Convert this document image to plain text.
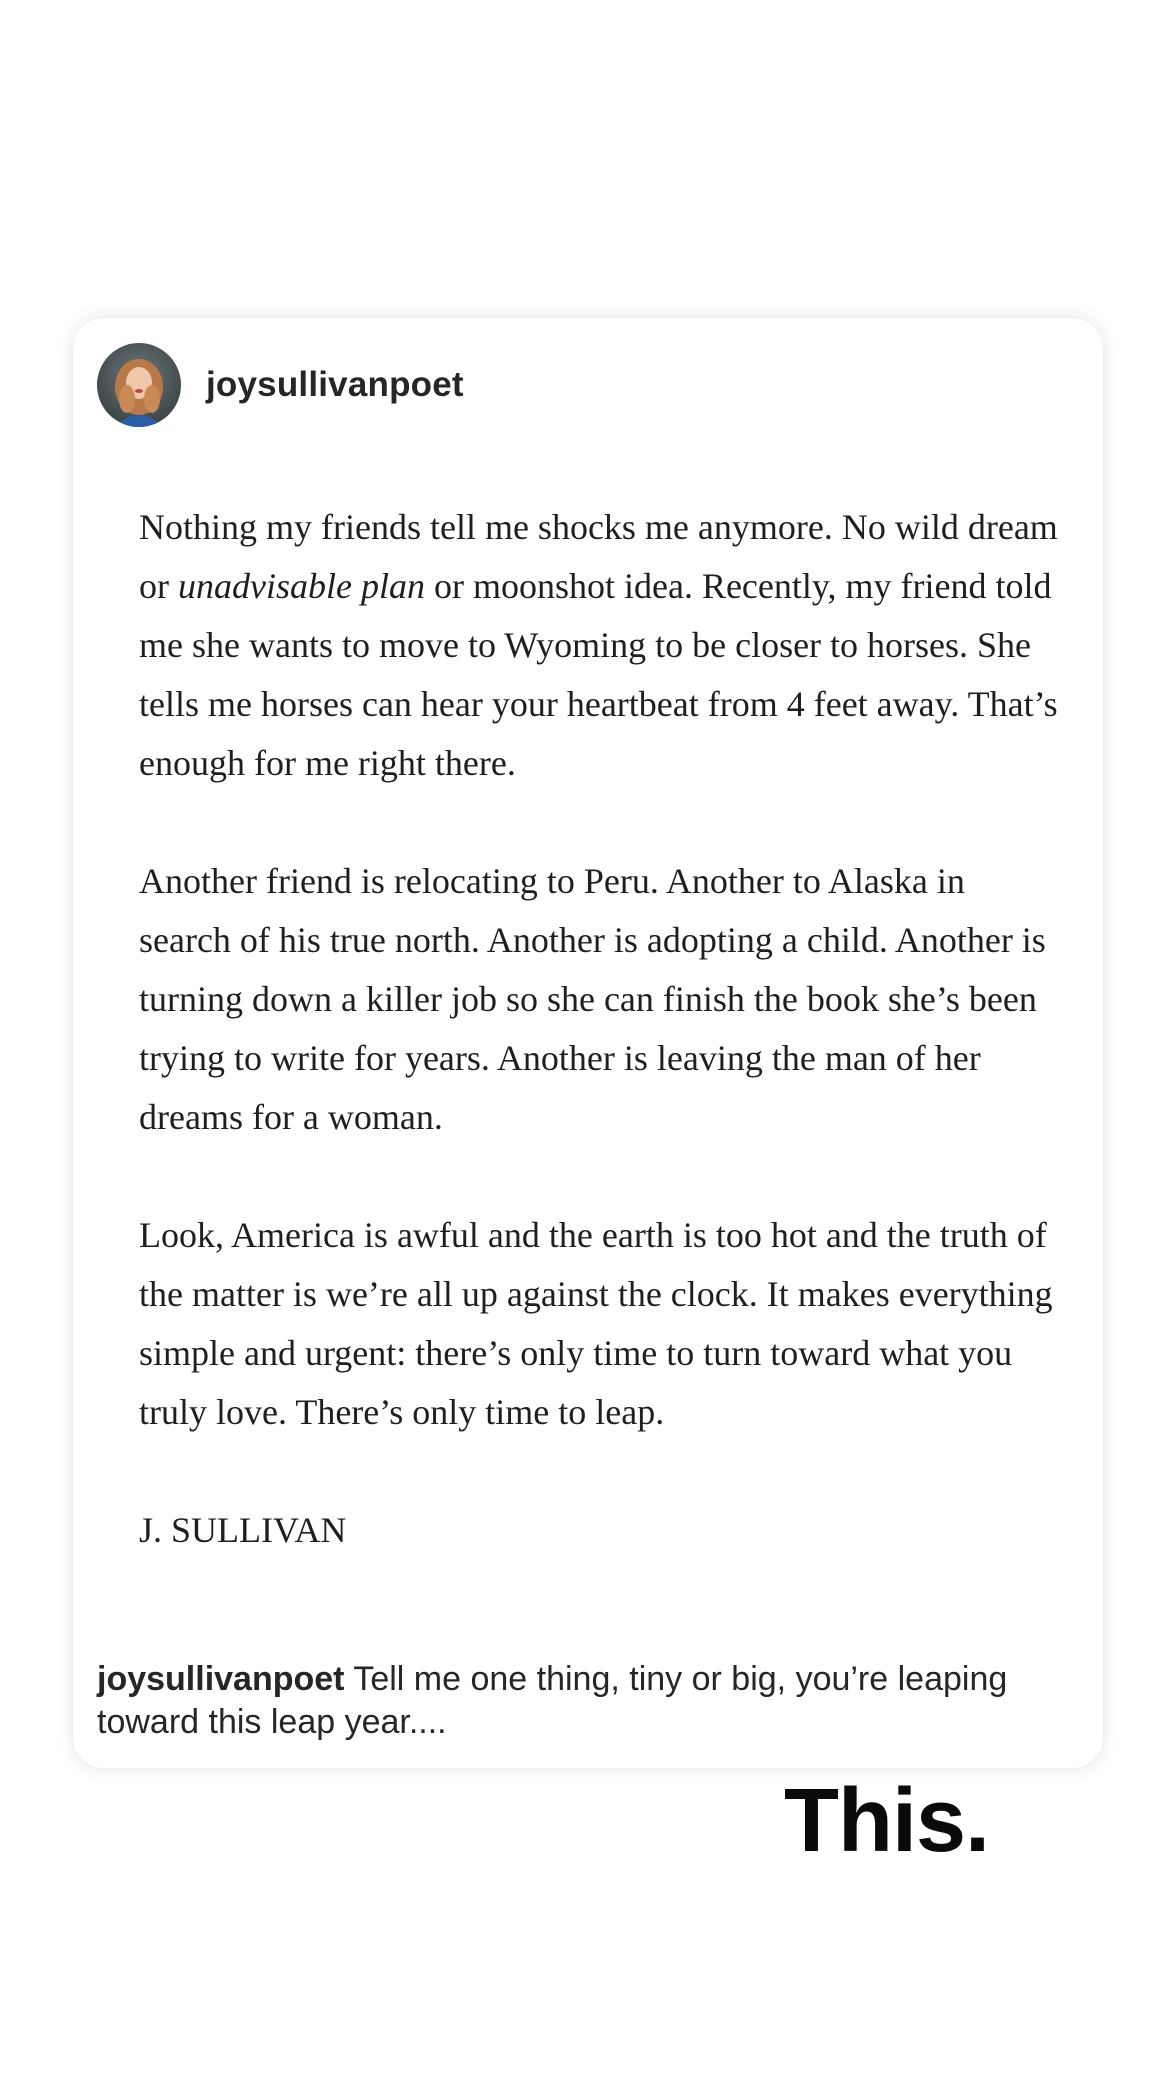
joysullivanpoet

Nothing my friends tell me shocks me anymore. No wild dream or unadvisable plan or moonshot idea. Recently, my friend told me she wants to move to Wyoming to be closer to horses. She tells me horses can hear your heartbeat from 4 feet away. That’s enough for me right there.

Another friend is relocating to Peru. Another to Alaska in search of his true north. Another is adopting a child. Another is turning down a killer job so she can finish the book she’s been trying to write for years. Another is leaving the man of her dreams for a woman.

Look, America is awful and the earth is too hot and the truth of the matter is we’re all up against the clock. It makes everything simple and urgent: there’s only time to turn toward what you truly love. There’s only time to leap.

J. SULLIVAN
joysullivanpoet Tell me one thing, tiny or big, you’re leaping toward this leap year....
This.
